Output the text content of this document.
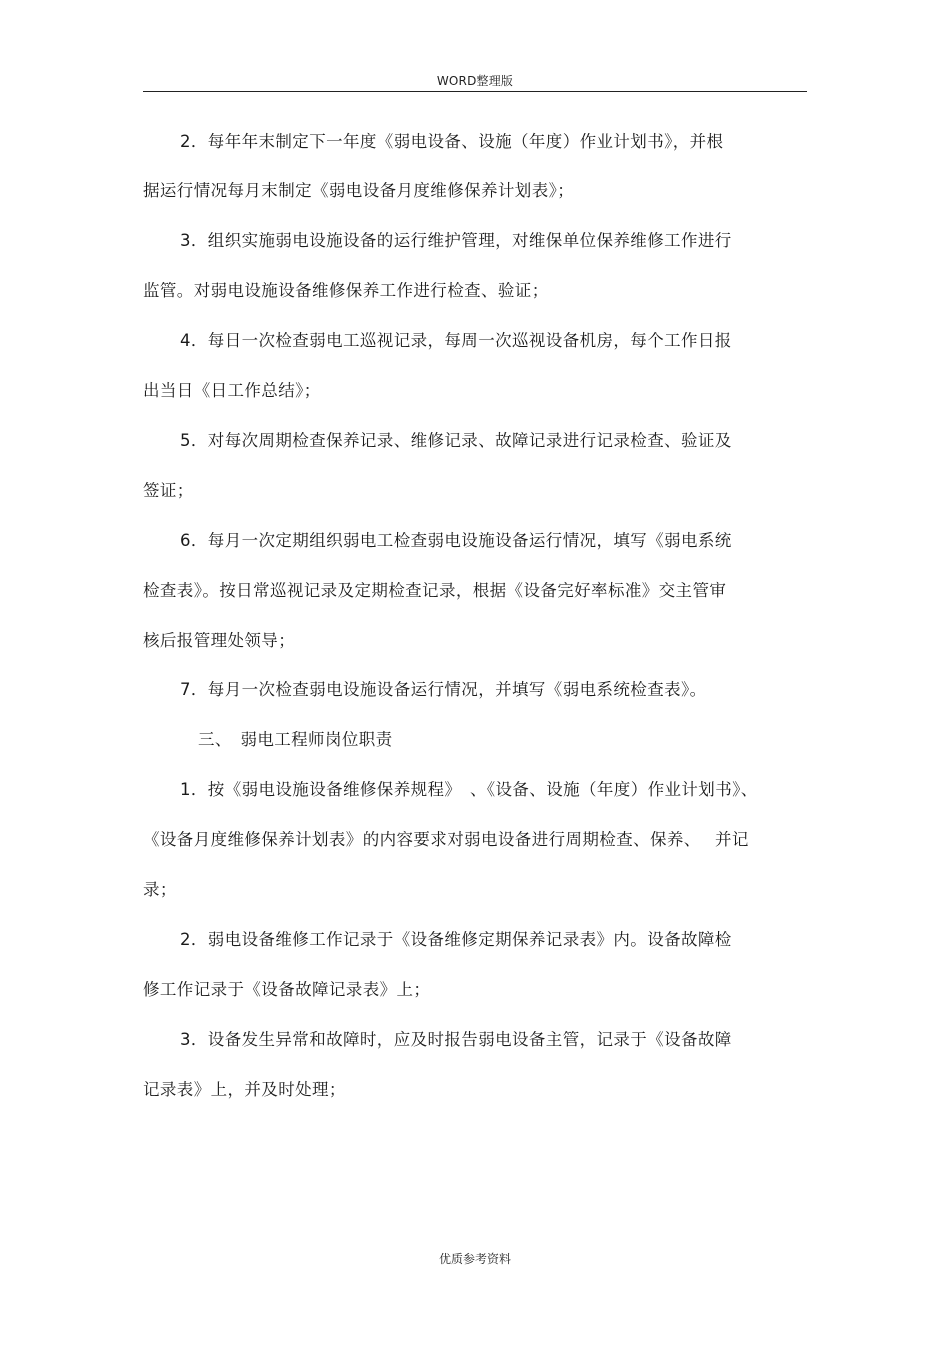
WORD整理版
2．每年年末制定下一年度《弱电设备、设施（年度）作业计划书》，并根
据运行情况每月末制定《弱电设备月度维修保养计划表》；
3．组织实施弱电设施设备的运行维护管理，对维保单位保养维修工作进行
监管。对弱电设施设备维修保养工作进行检查、验证；
4．每日一次检查弱电工巡视记录，每周一次巡视设备机房，每个工作日报
出当日《日工作总结》；
5．对每次周期检查保养记录、维修记录、故障记录进行记录检查、验证及
签证；
6．每月一次定期组织弱电工检查弱电设施设备运行情况，填写《弱电系统
检查表》。按日常巡视记录及定期检查记录，根据《设备完好率标准》交主管审
核后报管理处领导；
7．每月一次检查弱电设施设备运行情况，并填写《弱电系统检查表》。
三、　弱电工程师岗位职责
1．按《弱电设施设备维修保养规程》　、《设备、设施（年度）作业计划书》、
《设备月度维修保养计划表》的内容要求对弱电设备进行周期检查、保养、　 并记
录；
2．弱电设备维修工作记录于《设备维修定期保养记录表》内。设备故障检
修工作记录于《设备故障记录表》上；
3．设备发生异常和故障时，应及时报告弱电设备主管，记录于《设备故障
记录表》上，并及时处理；
优质参考资料
